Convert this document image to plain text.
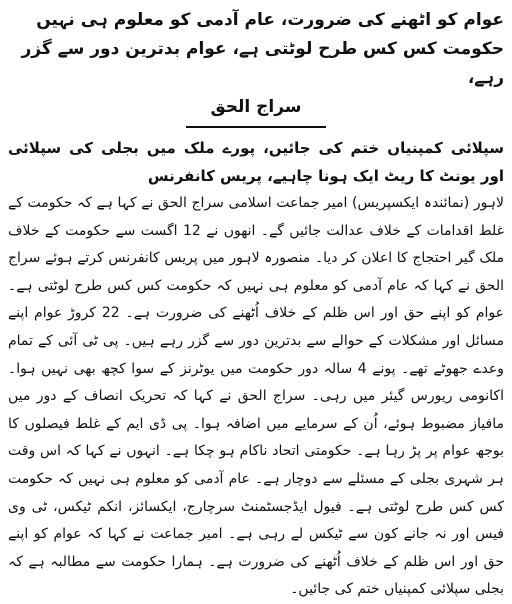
عوام کو اٹھنے کی ضرورت، عام آدمی کو معلوم ہی نہیں حکومت کس کس طرح لوٹتی ہے، عوام بدترین دور سے گزر رہے،
سراج الحق

سپلائی کمپنیاں ختم کی جائیں، پورے ملک میں بجلی کی سپلائی اور یونٹ کا ریٹ ایک ہونا چاہیے، پریس کانفرنس

لاہور (نمائندہ ایکسپریس) امیر جماعت اسلامی سراج الحق نے کہا ہے کہ حکومت کے غلط اقدامات کے خلاف عدالت جائیں گے۔ انھوں نے 12 اگست سے حکومت کے خلاف ملک گیر احتجاج کا اعلان کر دیا۔ منصورہ لاہور میں پریس کانفرنس کرتے ہوئے سراج الحق نے کہا کہ عام آدمی کو معلوم ہی نہیں کہ حکومت کس کس طرح لوٹتی ہے۔ عوام کو اپنے حق اور اس ظلم کے خلاف اُٹھنے کی ضرورت ہے۔ 22 کروڑ عوام اپنے مسائل اور مشکلات کے حوالے سے بدترین دور سے گزر رہے ہیں۔ پی ٹی آئی کے تمام وعدے جھوٹے تھے۔ پونے 4 سالہ دور حکومت میں یوٹرنز کے سوا کچھ بھی نہیں ہوا۔ اکانومی ریورس گیئر میں رہی۔ سراج الحق نے کہا کہ تحریک انصاف کے دور میں مافیاز مضبوط ہوئے، اُن کے سرمایے میں اضافہ ہوا۔ پی ڈی ایم کے غلط فیصلوں کا بوجھ عوام پر پڑ رہا ہے۔ حکومتی اتحاد ناکام ہو چکا ہے۔ انہوں نے کہا کہ اس وقت ہر شہری بجلی کے مسئلے سے دوچار ہے۔ عام آدمی کو معلوم ہی نہیں کہ حکومت کس کس طرح لوٹتی ہے۔ فیول ایڈجسٹمنٹ سرچارج، ایکسائز، انکم ٹیکس، ٹی وی فیس اور نہ جانے کون سے ٹیکس لے رہی ہے۔ امیر جماعت نے کہا کہ عوام کو اپنے حق اور اس ظلم کے خلاف اُٹھنے کی ضرورت ہے۔ ہمارا حکومت سے مطالبہ ہے کہ بجلی سپلائی کمپنیاں ختم کی جائیں۔
